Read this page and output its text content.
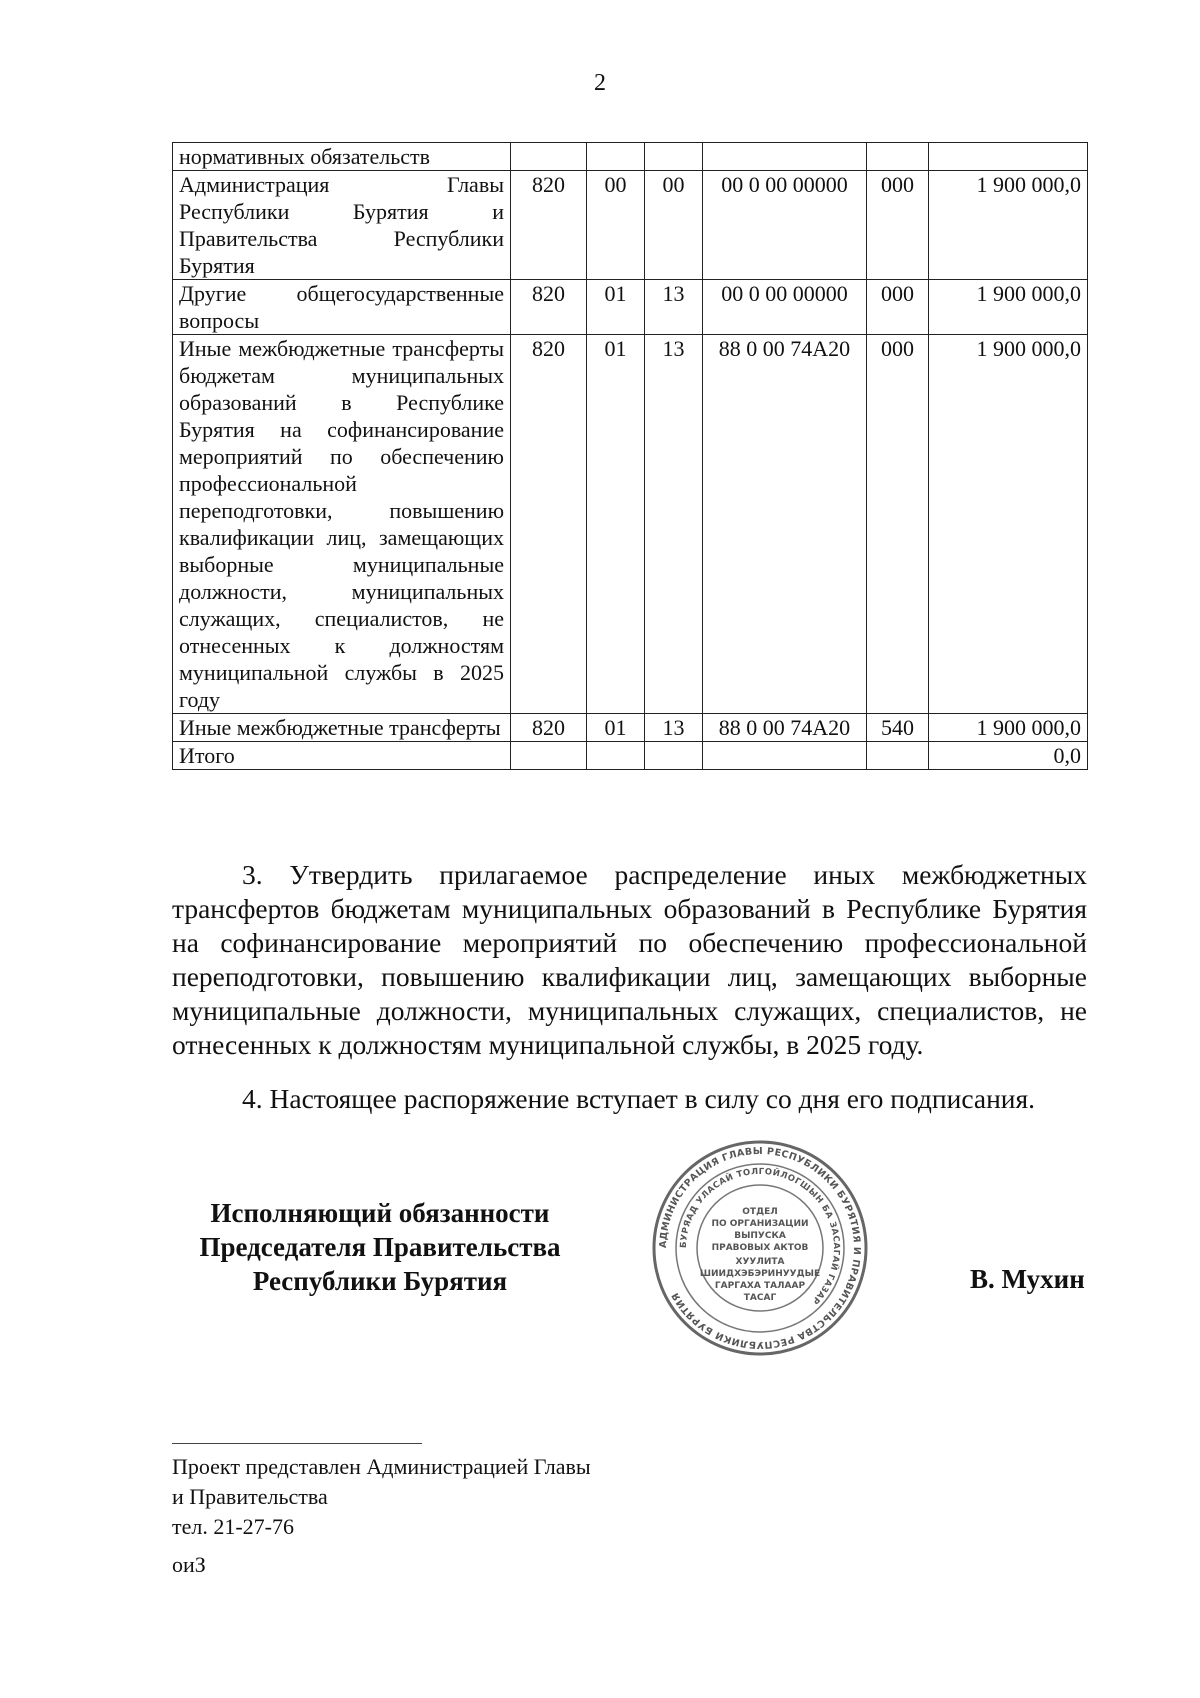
2
нормативных обязательств						
Администрация Главы Республики Бурятия и Правительства Республики Бурятия	820	00	00	00 0 00 00000	000	1 900 000,0
Другие общегосударственные вопросы	820	01	13	00 0 00 00000	000	1 900 000,0
Иные межбюджетные трансферты бюджетам муниципальных образований в Республике Бурятия на софинансирование мероприятий по обеспечению профессиональной переподготовки, повышению квалификации лиц, замещающих выборные муниципальные должности, муниципальных служащих, специалистов, не отнесенных к должностям муниципальной службы в 2025 году	820	01	13	88 0 00 74А20	000	1 900 000,0
Иные межбюджетные трансферты	820	01	13	88 0 00 74А20	540	1 900 000,0
Итого						0,0

3. Утвердить прилагаемое распределение иных межбюджетных трансфертов бюджетам муниципальных образований в Республике Бурятия на софинансирование мероприятий по обеспечению профессиональной переподготовки, повышению квалификации лиц, замещающих выборные муниципальные должности, муниципальных служащих, специалистов, не отнесенных к должностям муниципальной службы, в 2025 году.

4. Настоящее распоряжение вступает в силу со дня его подписания.

Исполняющий обязанности
Председателя Правительства
Республики Бурятия
АДМИНИСТРАЦИЯ ГЛАВЫ РЕСПУБЛИКИ БУРЯТИЯ И ПРАВИТЕЛЬСТВА РЕСПУБЛИКИ БУРЯТИЯ
БУРЯАД УЛАСАЙ ТОЛГОЙЛОГШЫН БА ЗАСАГАЙ ГАЗАР
ОТДЕЛ
ПО ОРГАНИЗАЦИИ
ВЫПУСКА
ПРАВОВЫХ АКТОВ
ХУУЛИТА
ШИИДХЭБЭРИНУУДЫЕ
ГАРГАХА ТАЛААР
ТАСАГ
В. Мухин
Проект представлен Администрацией Главы
и Правительства
тел. 21-27-76
оиЗ
